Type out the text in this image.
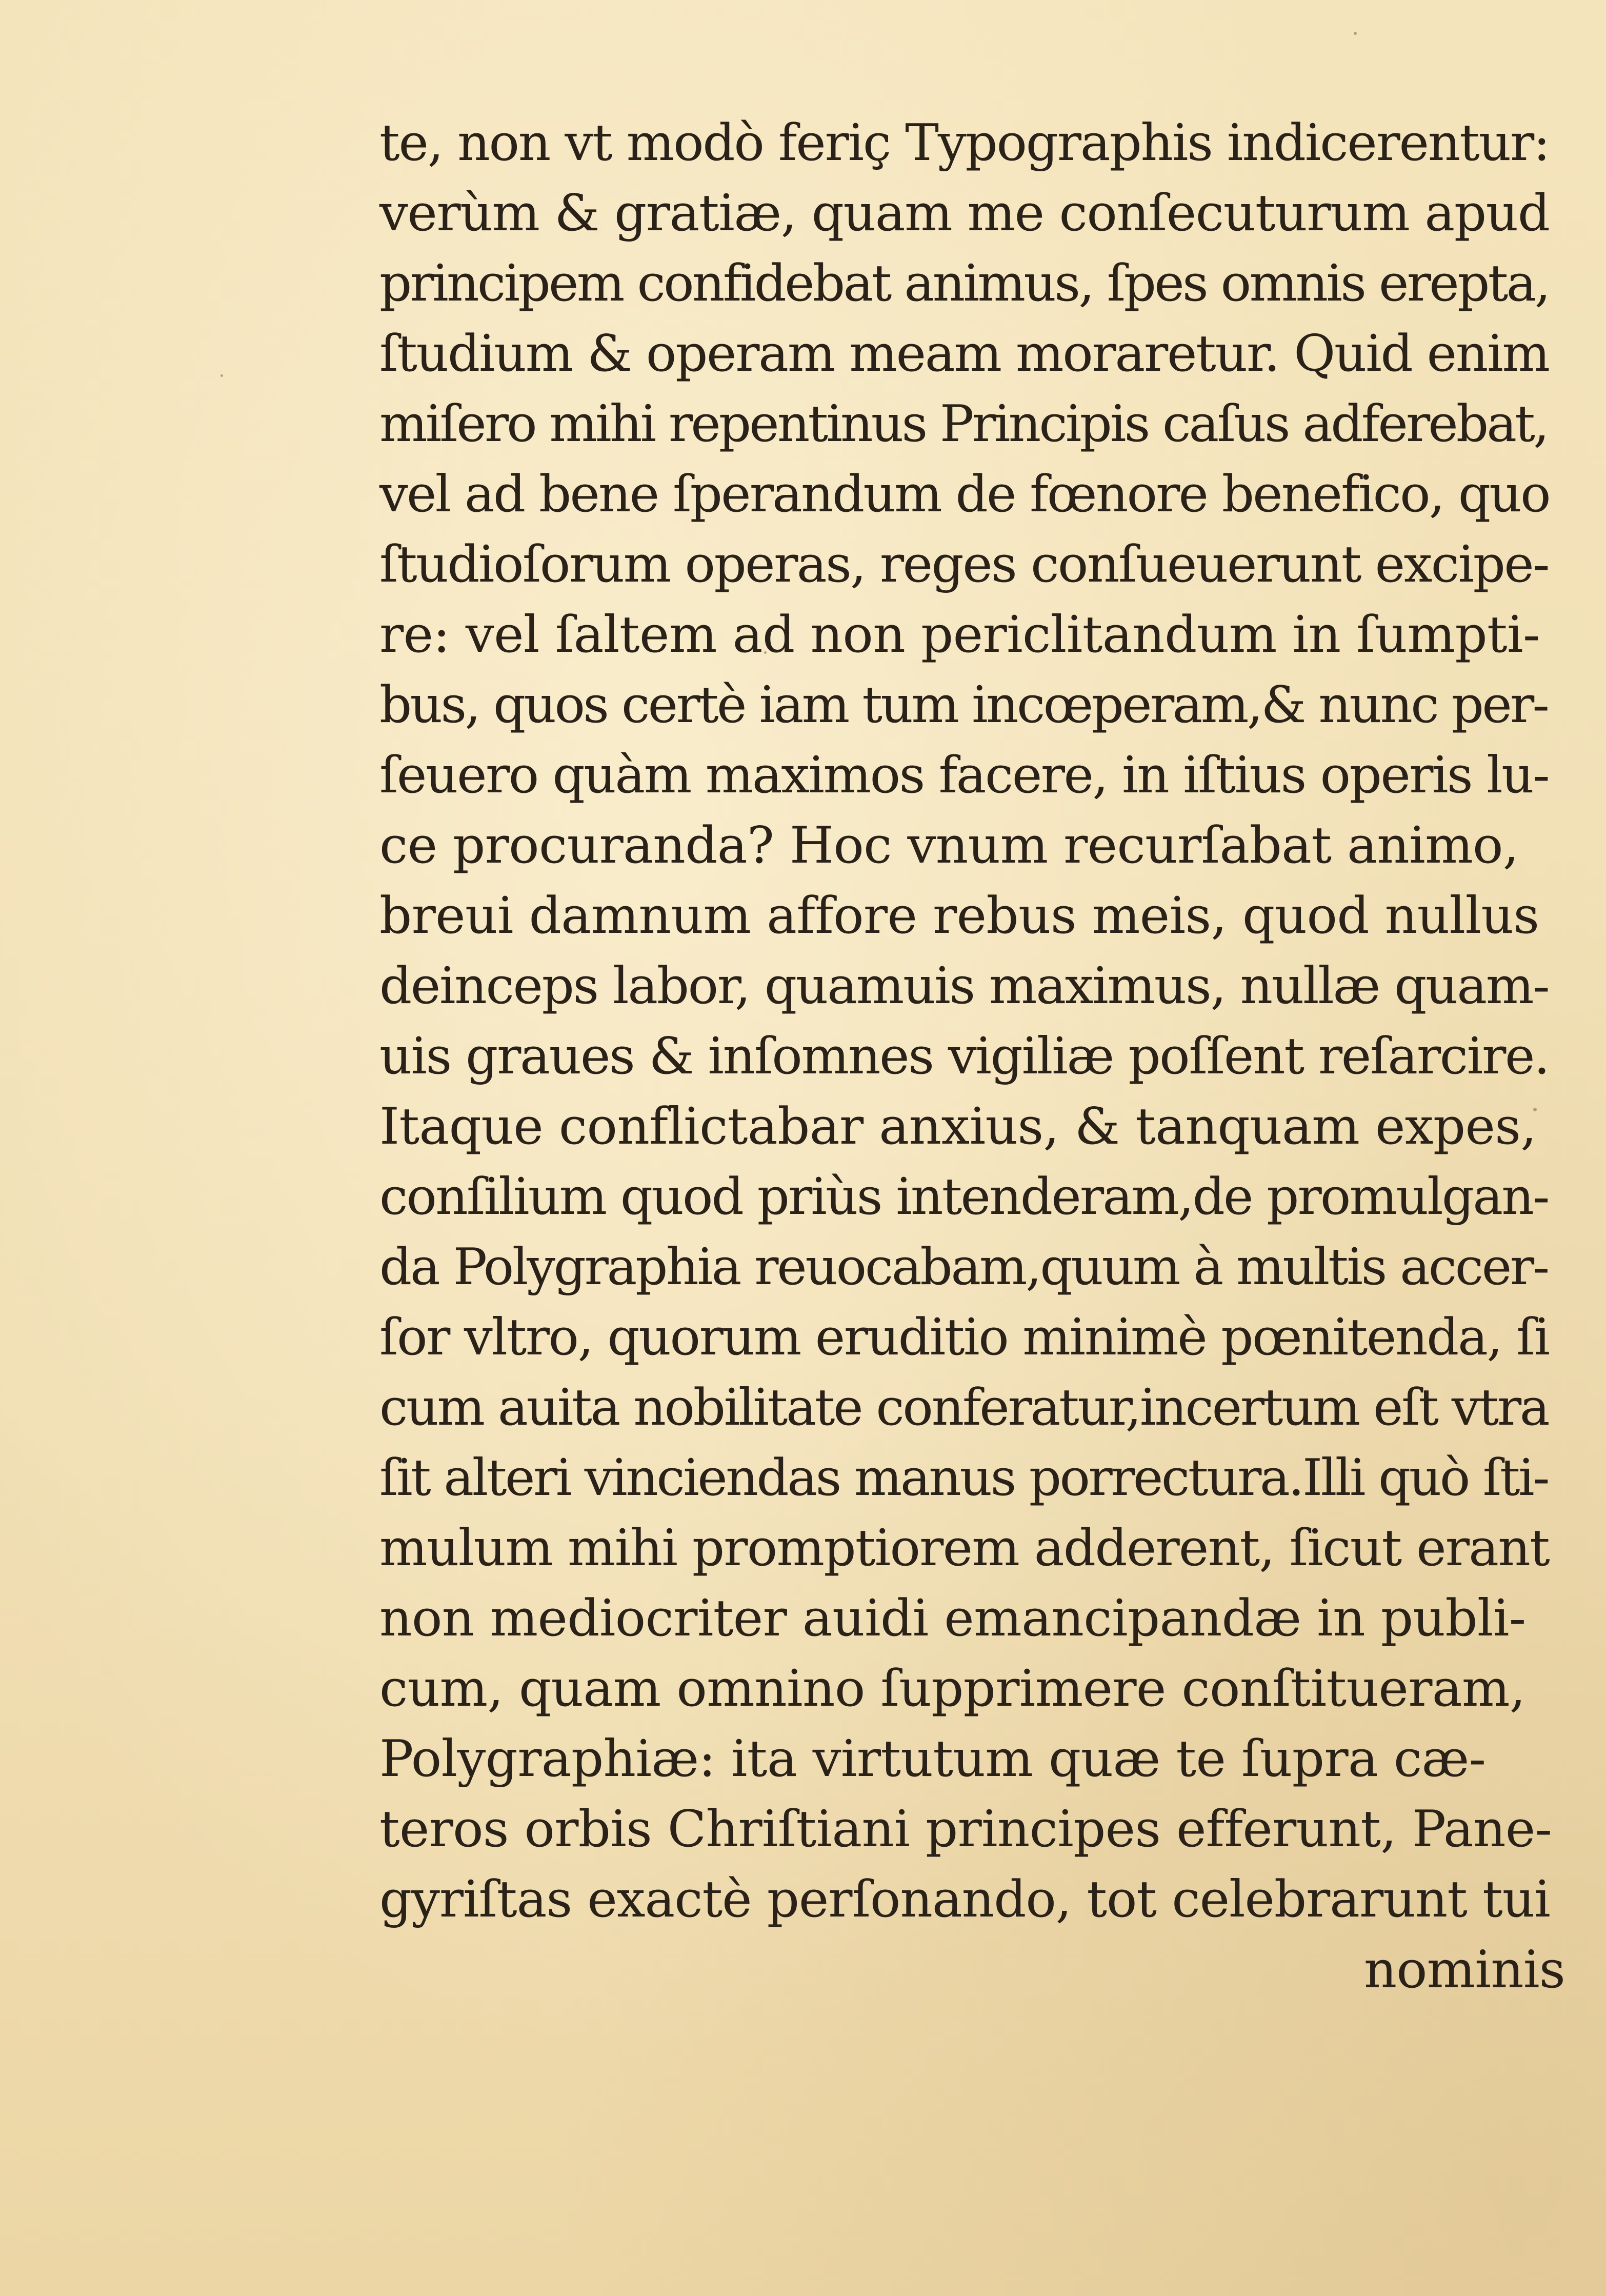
te, non vt modò feriç Typographis indicerentur:
verùm & gratiæ, quam me conſecuturum apud
principem confidebat animus, ſpes omnis erepta,
ſtudium & operam meam moraretur. Quid enim
miſero mihi repentinus Principis caſus adferebat,
vel ad bene ſperandum de fœnore benefico, quo
ſtudioſorum operas, reges conſueuerunt excipe-
re: vel ſaltem ad non periclitandum in ſumpti-
bus, quos certè iam tum incœperam,& nunc per-
ſeuero quàm maximos facere, in iſtius operis lu-
ce procuranda? Hoc vnum recurſabat animo,
breui damnum affore rebus meis, quod nullus
deinceps labor, quamuis maximus, nullæ quam-
uis graues & inſomnes vigiliæ poſſent reſarcire.
Itaque conflictabar anxius, & tanquam expes,
conſilium quod priùs intenderam,de promulgan-
da Polygraphia reuocabam,quum à multis accer-
ſor vltro, quorum eruditio minimè pœnitenda, ſi
cum auita nobilitate conferatur,incertum eſt vtra
ſit alteri vinciendas manus porrectura.Illi quò ſti-
mulum mihi promptiorem adderent, ſicut erant
non mediocriter auidi emancipandæ in publi-
cum, quam omnino ſupprimere conſtitueram,
Polygraphiæ: ita virtutum quæ te ſupra cæ-
teros orbis Chriſtiani principes efferunt, Pane-
gyriſtas exactè perſonando, tot celebrarunt tui
nominis
